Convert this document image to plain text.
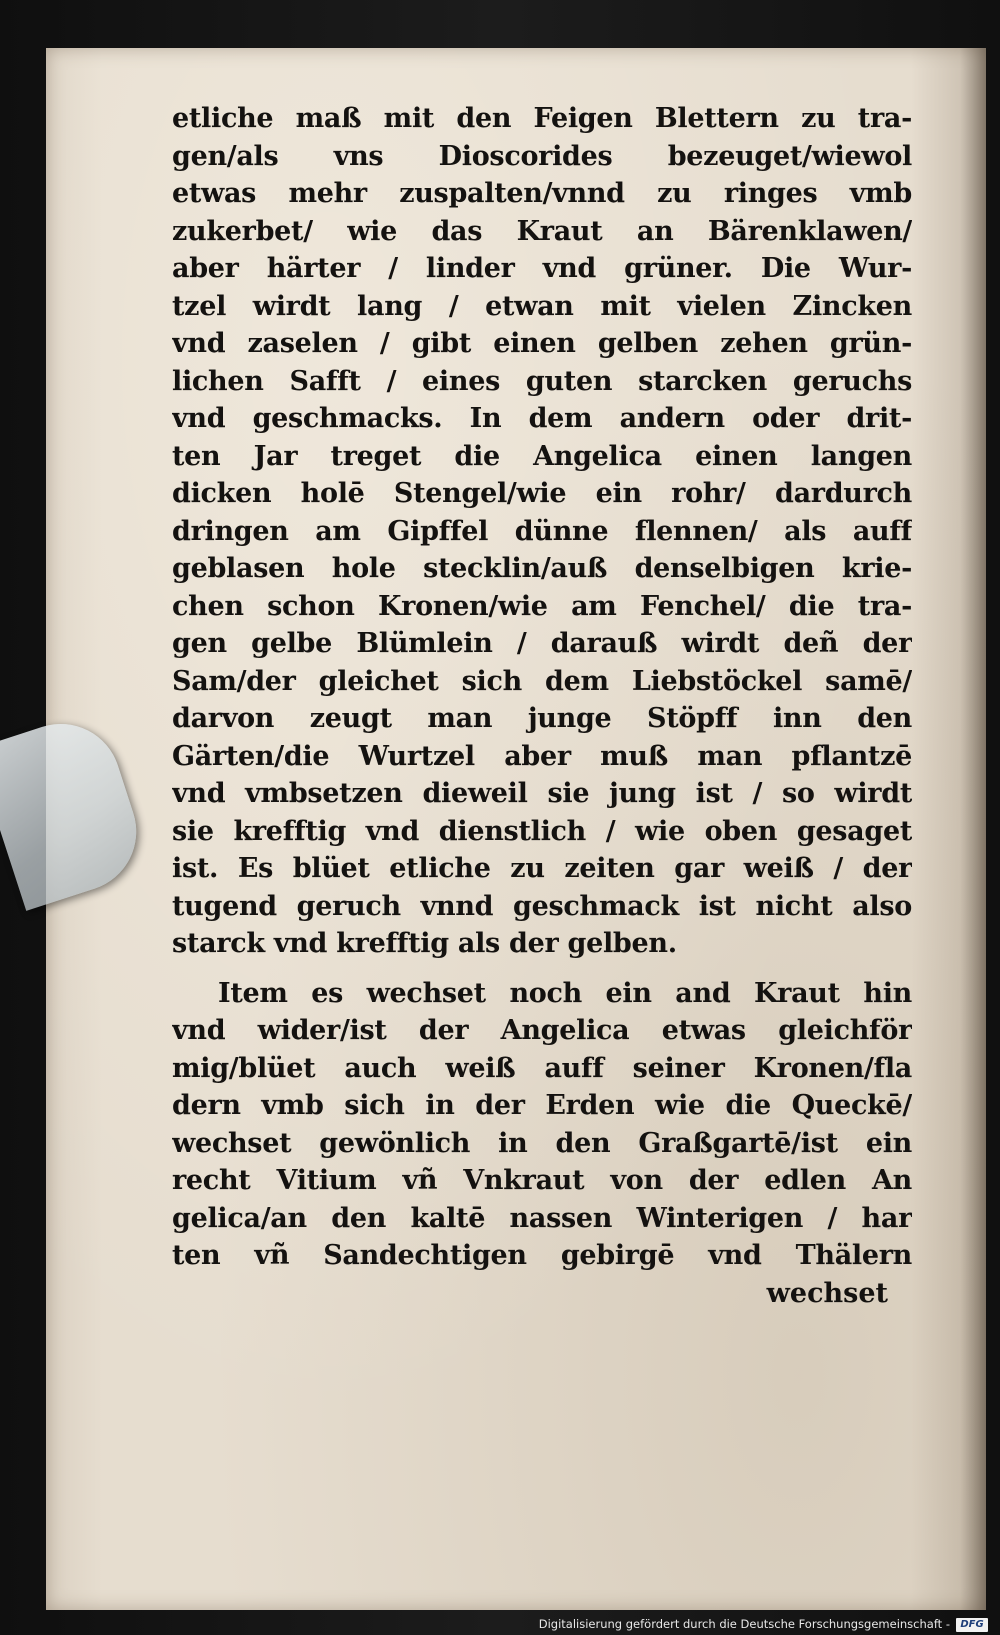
etliche maß mit den Feigen Blettern zu tra-
gen/als vns Dioscorides bezeuget/wiewol
etwas mehr zuspalten/vnnd zu ringes vmb
zukerbet/ wie das Kraut an Bärenklawen/
aber härter / linder vnd grüner. Die Wur-
tzel wirdt lang / etwan mit vielen Zincken
vnd zaselen / gibt einen gelben zehen grün-
lichen Safft / eines guten starcken geruchs
vnd geschmacks. In dem andern oder drit-
ten Jar treget die Angelica einen langen
dicken holē Stengel/wie ein rohr/ dardurch
dringen am Gipffel dünne flennen/ als auff
geblasen hole stecklin/auß denselbigen krie-
chen schon Kronen/wie am Fenchel/ die tra-
gen gelbe Blümlein / darauß wirdt deñ der
Sam/der gleichet sich dem Liebstöckel samē/
darvon zeugt man junge Stöpff inn den
Gärten/die Wurtzel aber muß man pflantzē
vnd vmbsetzen dieweil sie jung ist / so wirdt
sie krefftig vnd dienstlich / wie oben gesaget
ist. Es blüet etliche zu zeiten gar weiß / der
tugend geruch vnnd geschmack ist nicht also
starck vnd krefftig als der gelben.
Item es wechset noch ein and Kraut hin
vnd wider/ist der Angelica etwas gleichför
mig/blüet auch weiß auff seiner Kronen/fla
dern vmb sich in der Erden wie die Queckē/
wechset gewönlich in den Graßgartē/ist ein
recht Vitium vñ Vnkraut von der edlen An
gelica/an den kaltē nassen Winterigen / har
ten vñ Sandechtigen gebirgē vnd Thälern
wechset
Digitalisierung gefördert durch die Deutsche Forschungsgemeinschaft -	DFG
